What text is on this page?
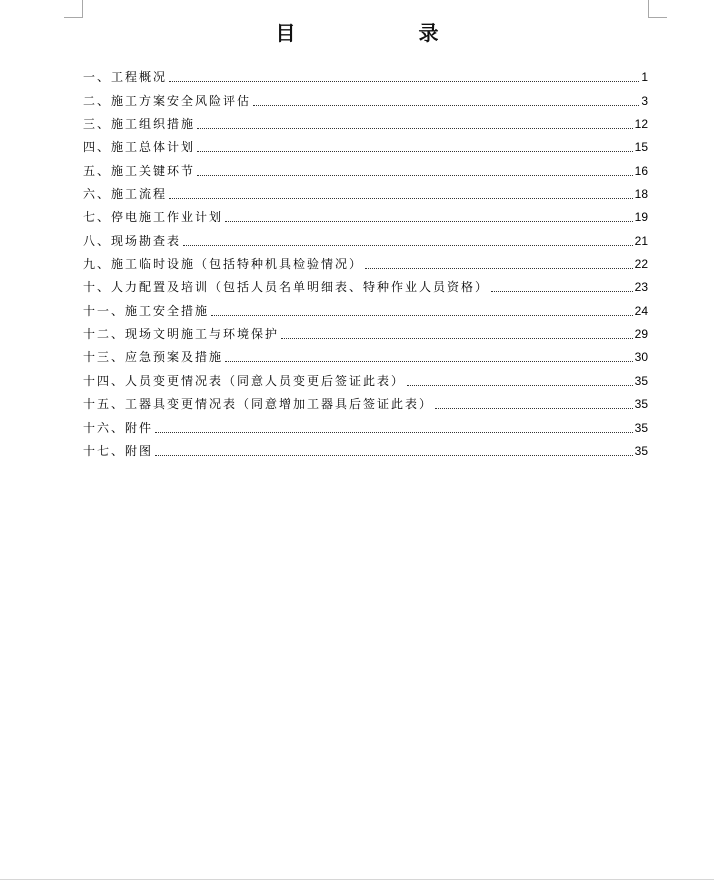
目 录
一、工程概况	1
二、施工方案安全风险评估	3
三、施工组织措施	12
四、施工总体计划	15
五、施工关键环节	16
六、施工流程	18
七、停电施工作业计划	19
八、现场勘查表	21
九、施工临时设施（包括特种机具检验情况）	22
十、人力配置及培训（包括人员名单明细表、特种作业人员资格）	23
十一、施工安全措施	24
十二、现场文明施工与环境保护	29
十三、应急预案及措施	30
十四、人员变更情况表（同意人员变更后签证此表）	35
十五、工器具变更情况表（同意增加工器具后签证此表）	35
十六、附件	35
十七、附图	35
